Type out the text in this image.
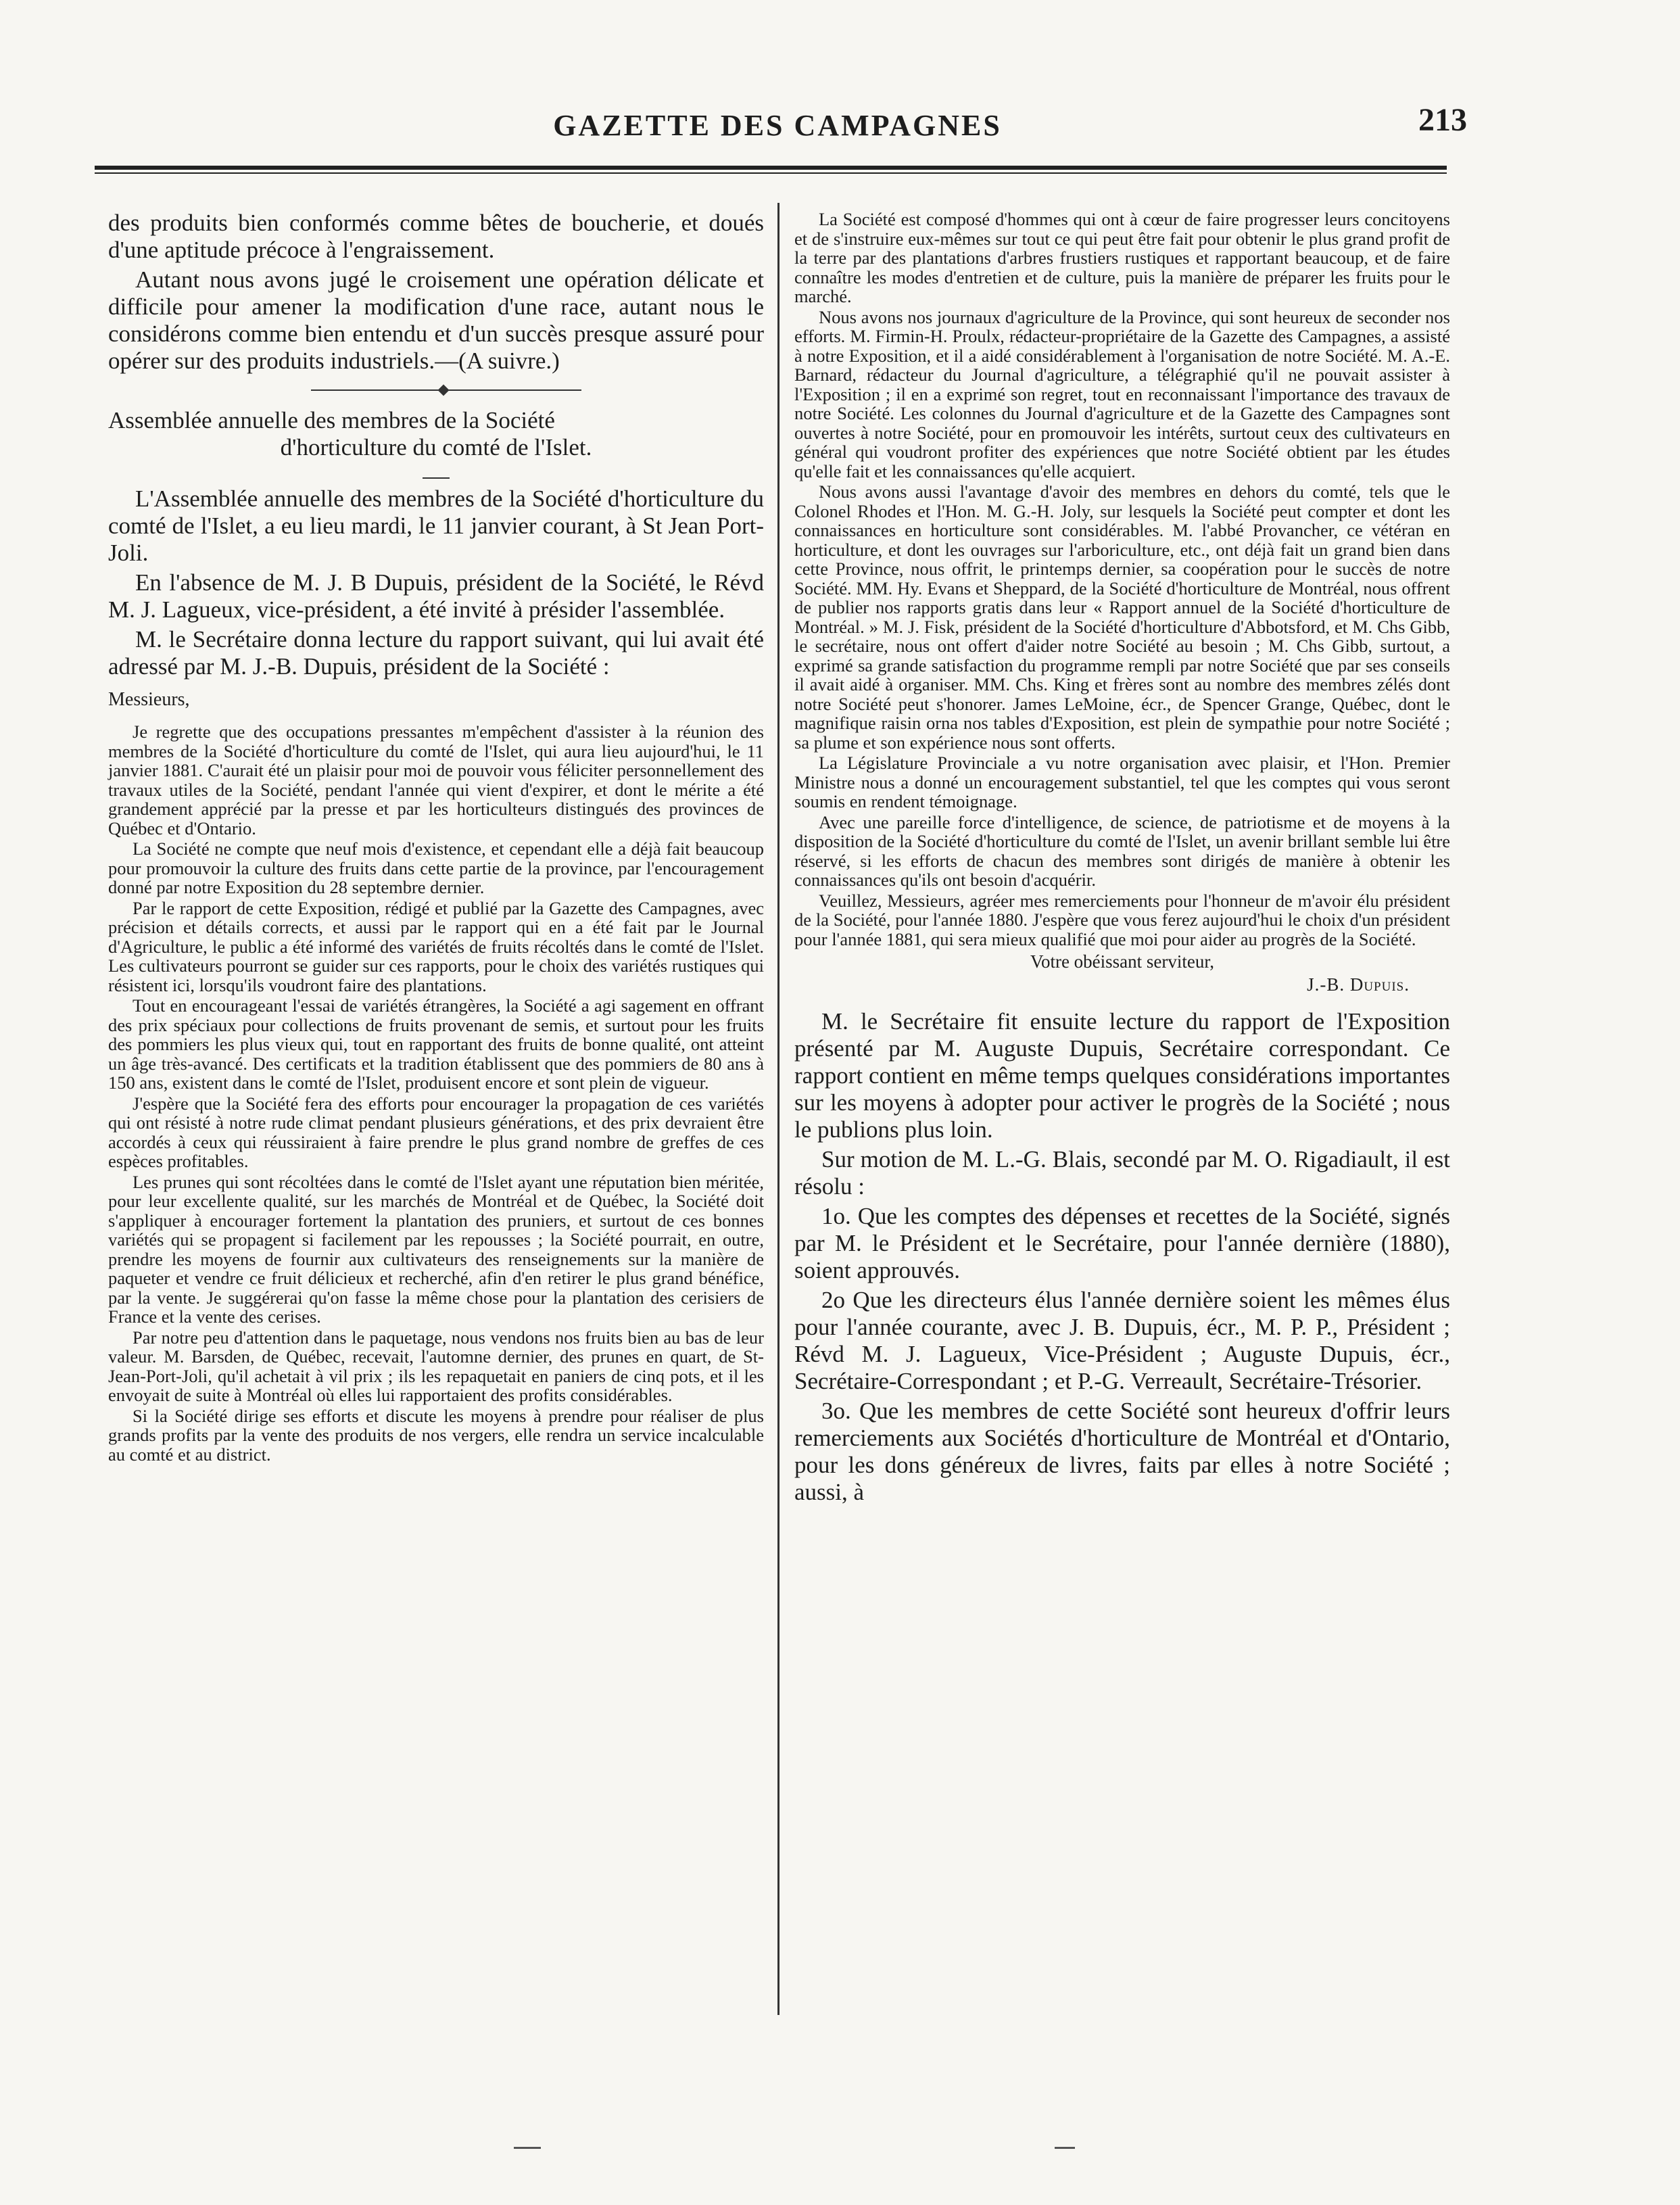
GAZETTE DES CAMPAGNES	213

des produits bien conformés comme bêtes de boucherie, et doués d'une aptitude précoce à l'engraissement.

Autant nous avons jugé le croisement une opération délicate et difficile pour amener la modification d'une race, autant nous le considérons comme bien entendu et d'un succès presque assuré pour opérer sur des produits industriels.—(A suivre.)

Assemblée annuelle des membres de la Société
d'horticulture du comté de l'Islet.

L'Assemblée annuelle des membres de la Société d'horticulture du comté de l'Islet, a eu lieu mardi, le 11 janvier courant, à St Jean Port-Joli.

En l'absence de M. J. B Dupuis, président de la Société, le Révd M. J. Lagueux, vice-président, a été invité à présider l'assemblée.

M. le Secrétaire donna lecture du rapport suivant, qui lui avait été adressé par M. J.-B. Dupuis, président de la Société :

Messieurs,

Je regrette que des occupations pressantes m'empêchent d'assister à la réunion des membres de la Société d'horticulture du comté de l'Islet, qui aura lieu aujourd'hui, le 11 janvier 1881. C'aurait été un plaisir pour moi de pouvoir vous féliciter personnellement des travaux utiles de la Société, pendant l'année qui vient d'expirer, et dont le mérite a été grandement apprécié par la presse et par les horticulteurs distingués des provinces de Québec et d'Ontario.

La Société ne compte que neuf mois d'existence, et cependant elle a déjà fait beaucoup pour promouvoir la culture des fruits dans cette partie de la province, par l'encouragement donné par notre Exposition du 28 septembre dernier.

Par le rapport de cette Exposition, rédigé et publié par la Gazette des Campagnes, avec précision et détails corrects, et aussi par le rapport qui en a été fait par le Journal d'Agriculture, le public a été informé des variétés de fruits récoltés dans le comté de l'Islet. Les cultivateurs pourront se guider sur ces rapports, pour le choix des variétés rustiques qui résistent ici, lorsqu'ils voudront faire des plantations.

Tout en encourageant l'essai de variétés étrangères, la Société a agi sagement en offrant des prix spéciaux pour collections de fruits provenant de semis, et surtout pour les fruits des pommiers les plus vieux qui, tout en rapportant des fruits de bonne qualité, ont atteint un âge très-avancé. Des certificats et la tradition établissent que des pommiers de 80 ans à 150 ans, existent dans le comté de l'Islet, produisent encore et sont plein de vigueur.

J'espère que la Société fera des efforts pour encourager la propagation de ces variétés qui ont résisté à notre rude climat pendant plusieurs générations, et des prix devraient être accordés à ceux qui réussiraient à faire prendre le plus grand nombre de greffes de ces espèces profitables.

Les prunes qui sont récoltées dans le comté de l'Islet ayant une réputation bien méritée, pour leur excellente qualité, sur les marchés de Montréal et de Québec, la Société doit s'appliquer à encourager fortement la plantation des pruniers, et surtout de ces bonnes variétés qui se propagent si facilement par les repousses ; la Société pourrait, en outre, prendre les moyens de fournir aux cultivateurs des renseignements sur la manière de paqueter et vendre ce fruit délicieux et recherché, afin d'en retirer le plus grand bénéfice, par la vente. Je suggérerai qu'on fasse la même chose pour la plantation des cerisiers de France et la vente des cerises.

Par notre peu d'attention dans le paquetage, nous vendons nos fruits bien au bas de leur valeur. M. Barsden, de Québec, recevait, l'automne dernier, des prunes en quart, de St-Jean-Port-Joli, qu'il achetait à vil prix ; ils les repaquetait en paniers de cinq pots, et il les envoyait de suite à Montréal où elles lui rapportaient des profits considérables.

Si la Société dirige ses efforts et discute les moyens à prendre pour réaliser de plus grands profits par la vente des produits de nos vergers, elle rendra un service incalculable au comté et au district.

La Société est composé d'hommes qui ont à cœur de faire progresser leurs concitoyens et de s'instruire eux-mêmes sur tout ce qui peut être fait pour obtenir le plus grand profit de la terre par des plantations d'arbres frustiers rustiques et rapportant beaucoup, et de faire connaître les modes d'entretien et de culture, puis la manière de préparer les fruits pour le marché.

Nous avons nos journaux d'agriculture de la Province, qui sont heureux de seconder nos efforts. M. Firmin-H. Proulx, rédacteur-propriétaire de la Gazette des Campagnes, a assisté à notre Exposition, et il a aidé considérablement à l'organisation de notre Société. M. A.-E. Barnard, rédacteur du Journal d'agriculture, a télégraphié qu'il ne pouvait assister à l'Exposition ; il en a exprimé son regret, tout en reconnaissant l'importance des travaux de notre Société. Les colonnes du Journal d'agriculture et de la Gazette des Campagnes sont ouvertes à notre Société, pour en promouvoir les intérêts, surtout ceux des cultivateurs en général qui voudront profiter des expériences que notre Société obtient par les études qu'elle fait et les connaissances qu'elle acquiert.

Nous avons aussi l'avantage d'avoir des membres en dehors du comté, tels que le Colonel Rhodes et l'Hon. M. G.-H. Joly, sur lesquels la Société peut compter et dont les connaissances en horticulture sont considérables. M. l'abbé Provancher, ce vétéran en horticulture, et dont les ouvrages sur l'arboriculture, etc., ont déjà fait un grand bien dans cette Province, nous offrit, le printemps dernier, sa coopération pour le succès de notre Société. MM. Hy. Evans et Sheppard, de la Société d'horticulture de Montréal, nous offrent de publier nos rapports gratis dans leur « Rapport annuel de la Société d'horticulture de Montréal. » M. J. Fisk, président de la Société d'horticulture d'Abbotsford, et M. Chs Gibb, le secrétaire, nous ont offert d'aider notre Société au besoin ; M. Chs Gibb, surtout, a exprimé sa grande satisfaction du programme rempli par notre Société que par ses conseils il avait aidé à organiser. MM. Chs. King et frères sont au nombre des membres zélés dont notre Société peut s'honorer. James LeMoine, écr., de Spencer Grange, Québec, dont le magnifique raisin orna nos tables d'Exposition, est plein de sympathie pour notre Société ; sa plume et son expérience nous sont offerts.

La Législature Provinciale a vu notre organisation avec plaisir, et l'Hon. Premier Ministre nous a donné un encouragement substantiel, tel que les comptes qui vous seront soumis en rendent témoignage.

Avec une pareille force d'intelligence, de science, de patriotisme et de moyens à la disposition de la Société d'horticulture du comté de l'Islet, un avenir brillant semble lui être réservé, si les efforts de chacun des membres sont dirigés de manière à obtenir les connaissances qu'ils ont besoin d'acquérir.

Veuillez, Messieurs, agréer mes remerciements pour l'honneur de m'avoir élu président de la Société, pour l'année 1880. J'espère que vous ferez aujourd'hui le choix d'un président pour l'année 1881, qui sera mieux qualifié que moi pour aider au progrès de la Société.

Votre obéissant serviteur,
J.-B. Dupuis.

M. le Secrétaire fit ensuite lecture du rapport de l'Exposition présenté par M. Auguste Dupuis, Secrétaire correspondant. Ce rapport contient en même temps quelques considérations importantes sur les moyens à adopter pour activer le progrès de la Société ; nous le publions plus loin.

Sur motion de M. L.-G. Blais, secondé par M. O. Rigadiault, il est résolu :

1o. Que les comptes des dépenses et recettes de la Société, signés par M. le Président et le Secrétaire, pour l'année dernière (1880), soient approuvés.

2o Que les directeurs élus l'année dernière soient les mêmes élus pour l'année courante, avec J. B. Dupuis, écr., M. P. P., Président ; Révd M. J. Lagueux, Vice-Président ; Auguste Dupuis, écr., Secrétaire-Correspondant ; et P.-G. Verreault, Secrétaire-Trésorier.

3o. Que les membres de cette Société sont heureux d'offrir leurs remerciements aux Sociétés d'horticulture de Montréal et d'Ontario, pour les dons généreux de livres, faits par elles à notre Société ; aussi, à
